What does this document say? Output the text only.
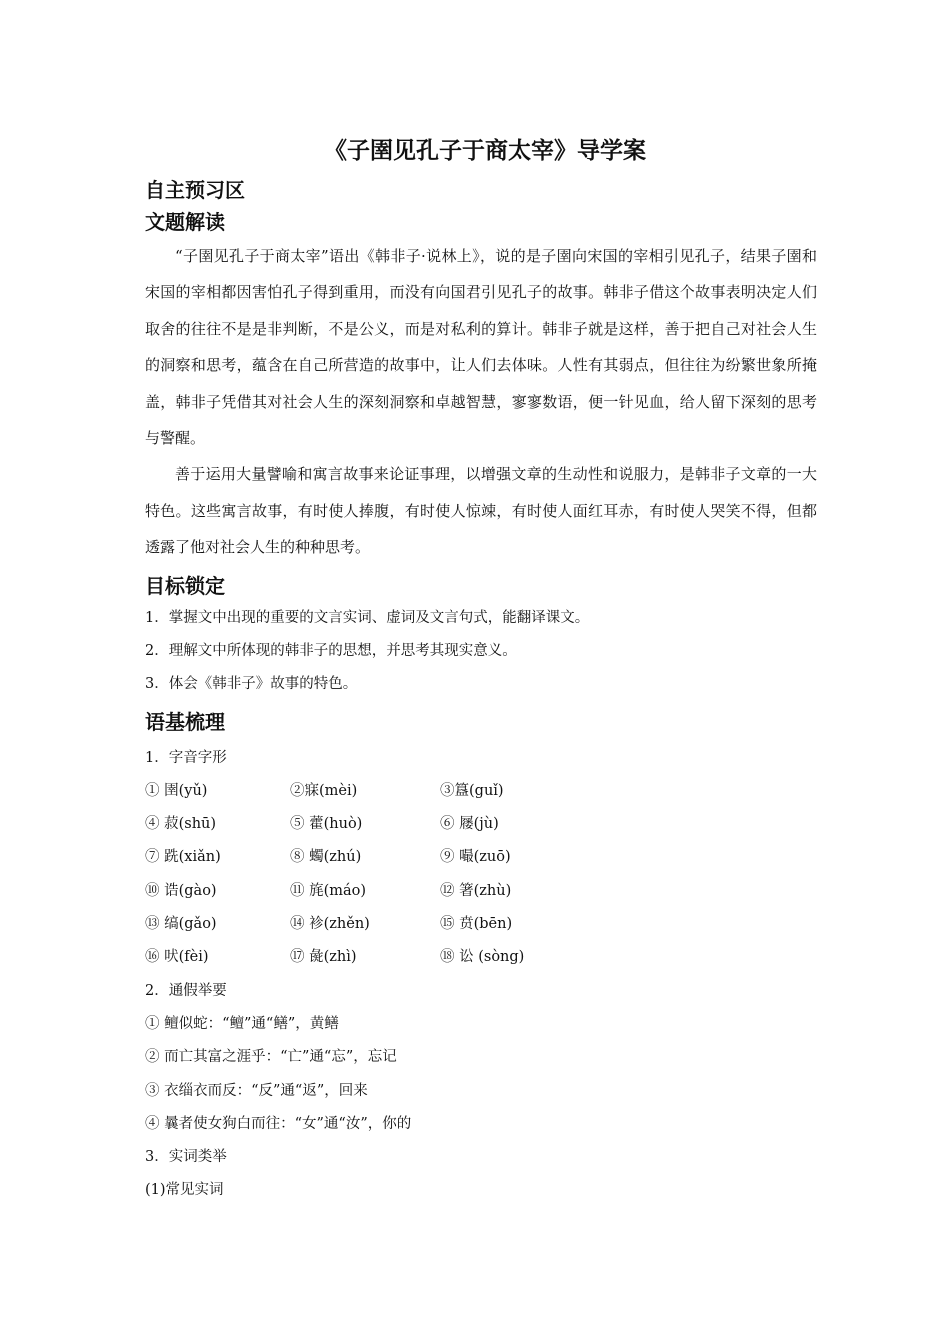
《子圉见孔子于商太宰》导学案
自主预习区
文题解读

“子圉见孔子于商太宰”语出《韩非子·说林上》，说的是子圉向宋国的宰相引见孔子，结果子圉和宋国的宰相都因害怕孔子得到重用，而没有向国君引见孔子的故事。韩非子借这个故事表明决定人们取舍的往往不是是非判断，不是公义，而是对私利的算计。韩非子就是这样，善于把自己对社会人生的洞察和思考，蕴含在自己所营造的故事中，让人们去体味。人性有其弱点，但往往为纷繁世象所掩盖，韩非子凭借其对社会人生的深刻洞察和卓越智慧，寥寥数语，便一针见血，给人留下深刻的思考与警醒。

善于运用大量譬喻和寓言故事来论证事理，以增强文章的生动性和说服力，是韩非子文章的一大特色。这些寓言故事，有时使人捧腹，有时使人惊竦，有时使人面红耳赤，有时使人哭笑不得，但都透露了他对社会人生的种种思考。

目标锁定

1．掌握文中出现的重要的文言实词、虚词及文言句式，能翻译课文。

2．理解文中所体现的韩非子的思想，并思考其现实意义。

3．体会《韩非子》故事的特色。

语基梳理

1．字音字形

① 圉(yǔ)	②寐(mèi)	③簋(guǐ)
④ 菽(shū)	⑤ 藿(huò)	⑥ 屦(jù)
⑦ 跣(xiǎn)	⑧ 蠋(zhú)	⑨ 嘬(zuō)
⑩ 诰(gào)	⑪ 旄(máo)	⑫ 箸(zhù)
⑬ 缟(gǎo)	⑭ 袗(zhěn)	⑮ 贲(bēn)
⑯ 吠(fèi)	⑰ 彘(zhì)	⑱ 讼 (sòng)

2．通假举要

① 鳣似蛇：“鳣”通“鳝”，黄鳝

② 而亡其富之涯乎：“亡”通“忘”，忘记

③ 衣缁衣而反：“反”通“返”，回来

④ 曩者使女狗白而往：“女”通“汝”，你的

3．实词类举

(1)常见实词
